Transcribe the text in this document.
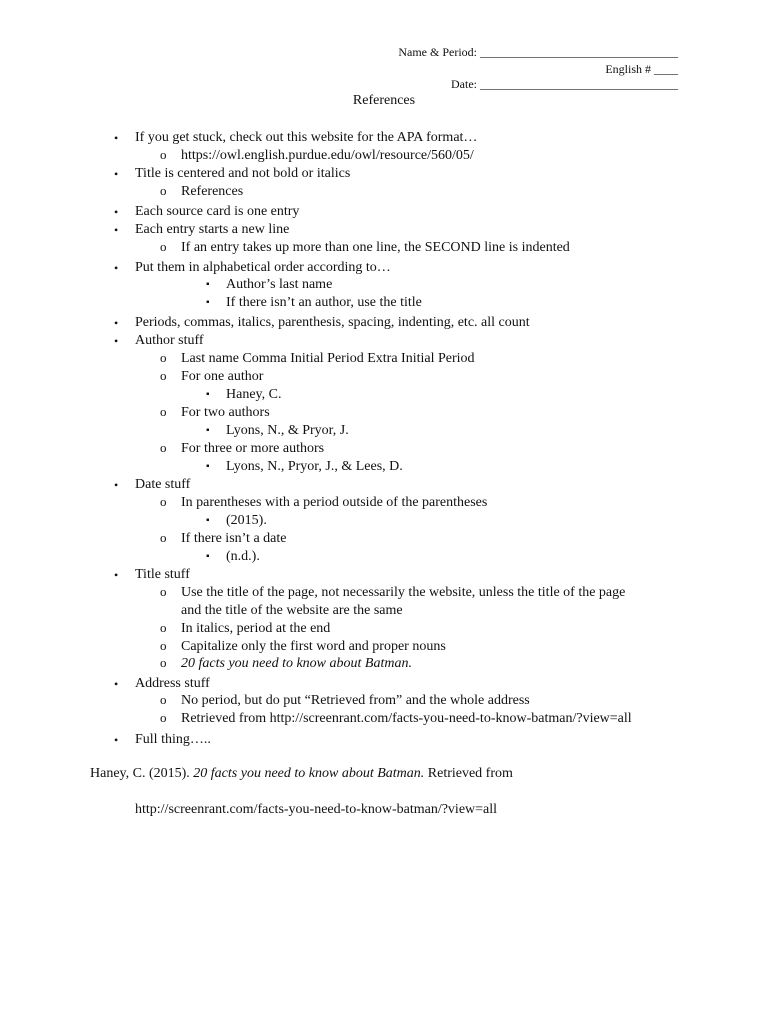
Name & Period: _________________________________
English # ____
Date: _________________________________
References
• If you get stuck, check out this website for the APA format…
o https://owl.english.purdue.edu/owl/resource/560/05/
• Title is centered and not bold or italics
o References
• Each source card is one entry
• Each entry starts a new line
o If an entry takes up more than one line, the SECOND line is indented
• Put them in alphabetical order according to…
▪ Author’s last name
▪ If there isn’t an author, use the title
• Periods, commas, italics, parenthesis, spacing, indenting, etc. all count
• Author stuff
o Last name Comma Initial Period Extra Initial Period
o For one author
▪ Haney, C.
o For two authors
▪ Lyons, N., & Pryor, J.
o For three or more authors
▪ Lyons, N., Pryor, J., & Lees, D.
• Date stuff
o In parentheses with a period outside of the parentheses
▪ (2015).
o If there isn’t a date
▪ (n.d.).
• Title stuff
o Use the title of the page, not necessarily the website, unless the title of the page
and the title of the website are the same
o In italics, period at the end
o Capitalize only the first word and proper nouns
o 20 facts you need to know about Batman.
• Address stuff
o No period, but do put “Retrieved from” and the whole address
o Retrieved from http://screenrant.com/facts-you-need-to-know-batman/?view=all
• Full thing…..
Haney, C. (2015). 20 facts you need to know about Batman. Retrieved from
http://screenrant.com/facts-you-need-to-know-batman/?view=all
